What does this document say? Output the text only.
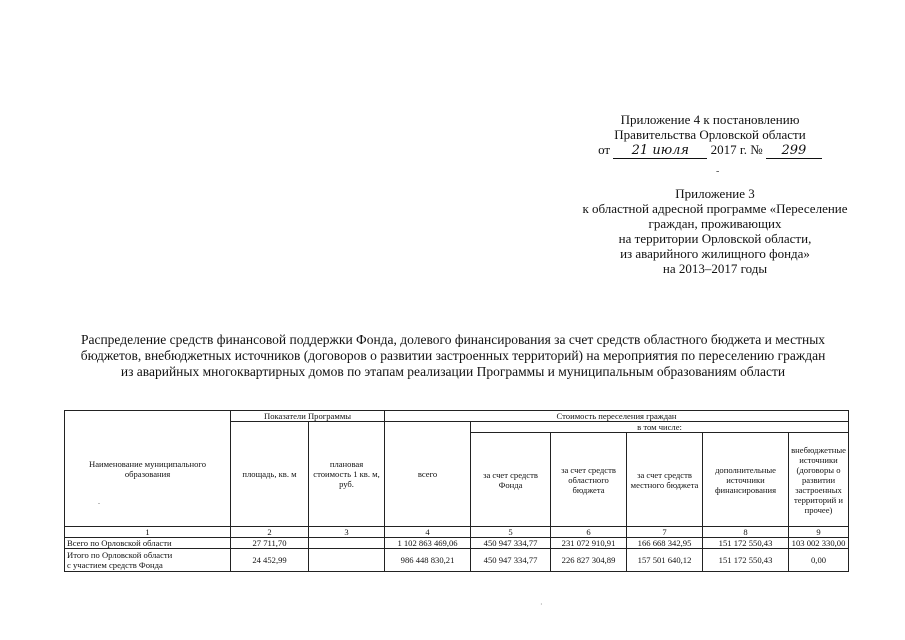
Приложение 4 к постановлению
Правительства Орловской области
от 21 июля 2017 г. № 299
-
Приложение 3
к областной адресной программе «Переселение
граждан, проживающих
на территории Орловской области,
из аварийного жилищного фонда»
на 2013–2017 годы
Распределение средств финансовой поддержки Фонда, долевого финансирования за счет средств областного бюджета и местных
бюджетов, внебюджетных источников (договоров о развитии застроенных территорий) на мероприятия по переселению граждан
из аварийных многоквартирных домов по этапам реализации Программы и муниципальным образованиям области
Наименование муниципального образования	Показатели Программы		Стоимость переселения граждан					
	площадь, кв. м	плановая стоимость 1 кв. м, руб.	всего	в том числе:				
				за счет средств Фонда	за счет средств областного бюджета	за счет средств местного бюджета	дополнительные источники финансирования	внебюджетные источники (договоры о развитии застроенных территорий и прочее)
1	2	3	4	5	6	7	8	9
Всего по Орловской области	27 711,70		1 102 863 469,06	450 947 334,77	231 072 910,91	166 668 342,95	151 172 550,43	103 002 330,00

Итого по Орловской области
с участием средств Фонда	24 452,99		986 448 830,21	450 947 334,77	226 827 304,89	157 501 640,12	151 172 550,43	0,00
.
·
